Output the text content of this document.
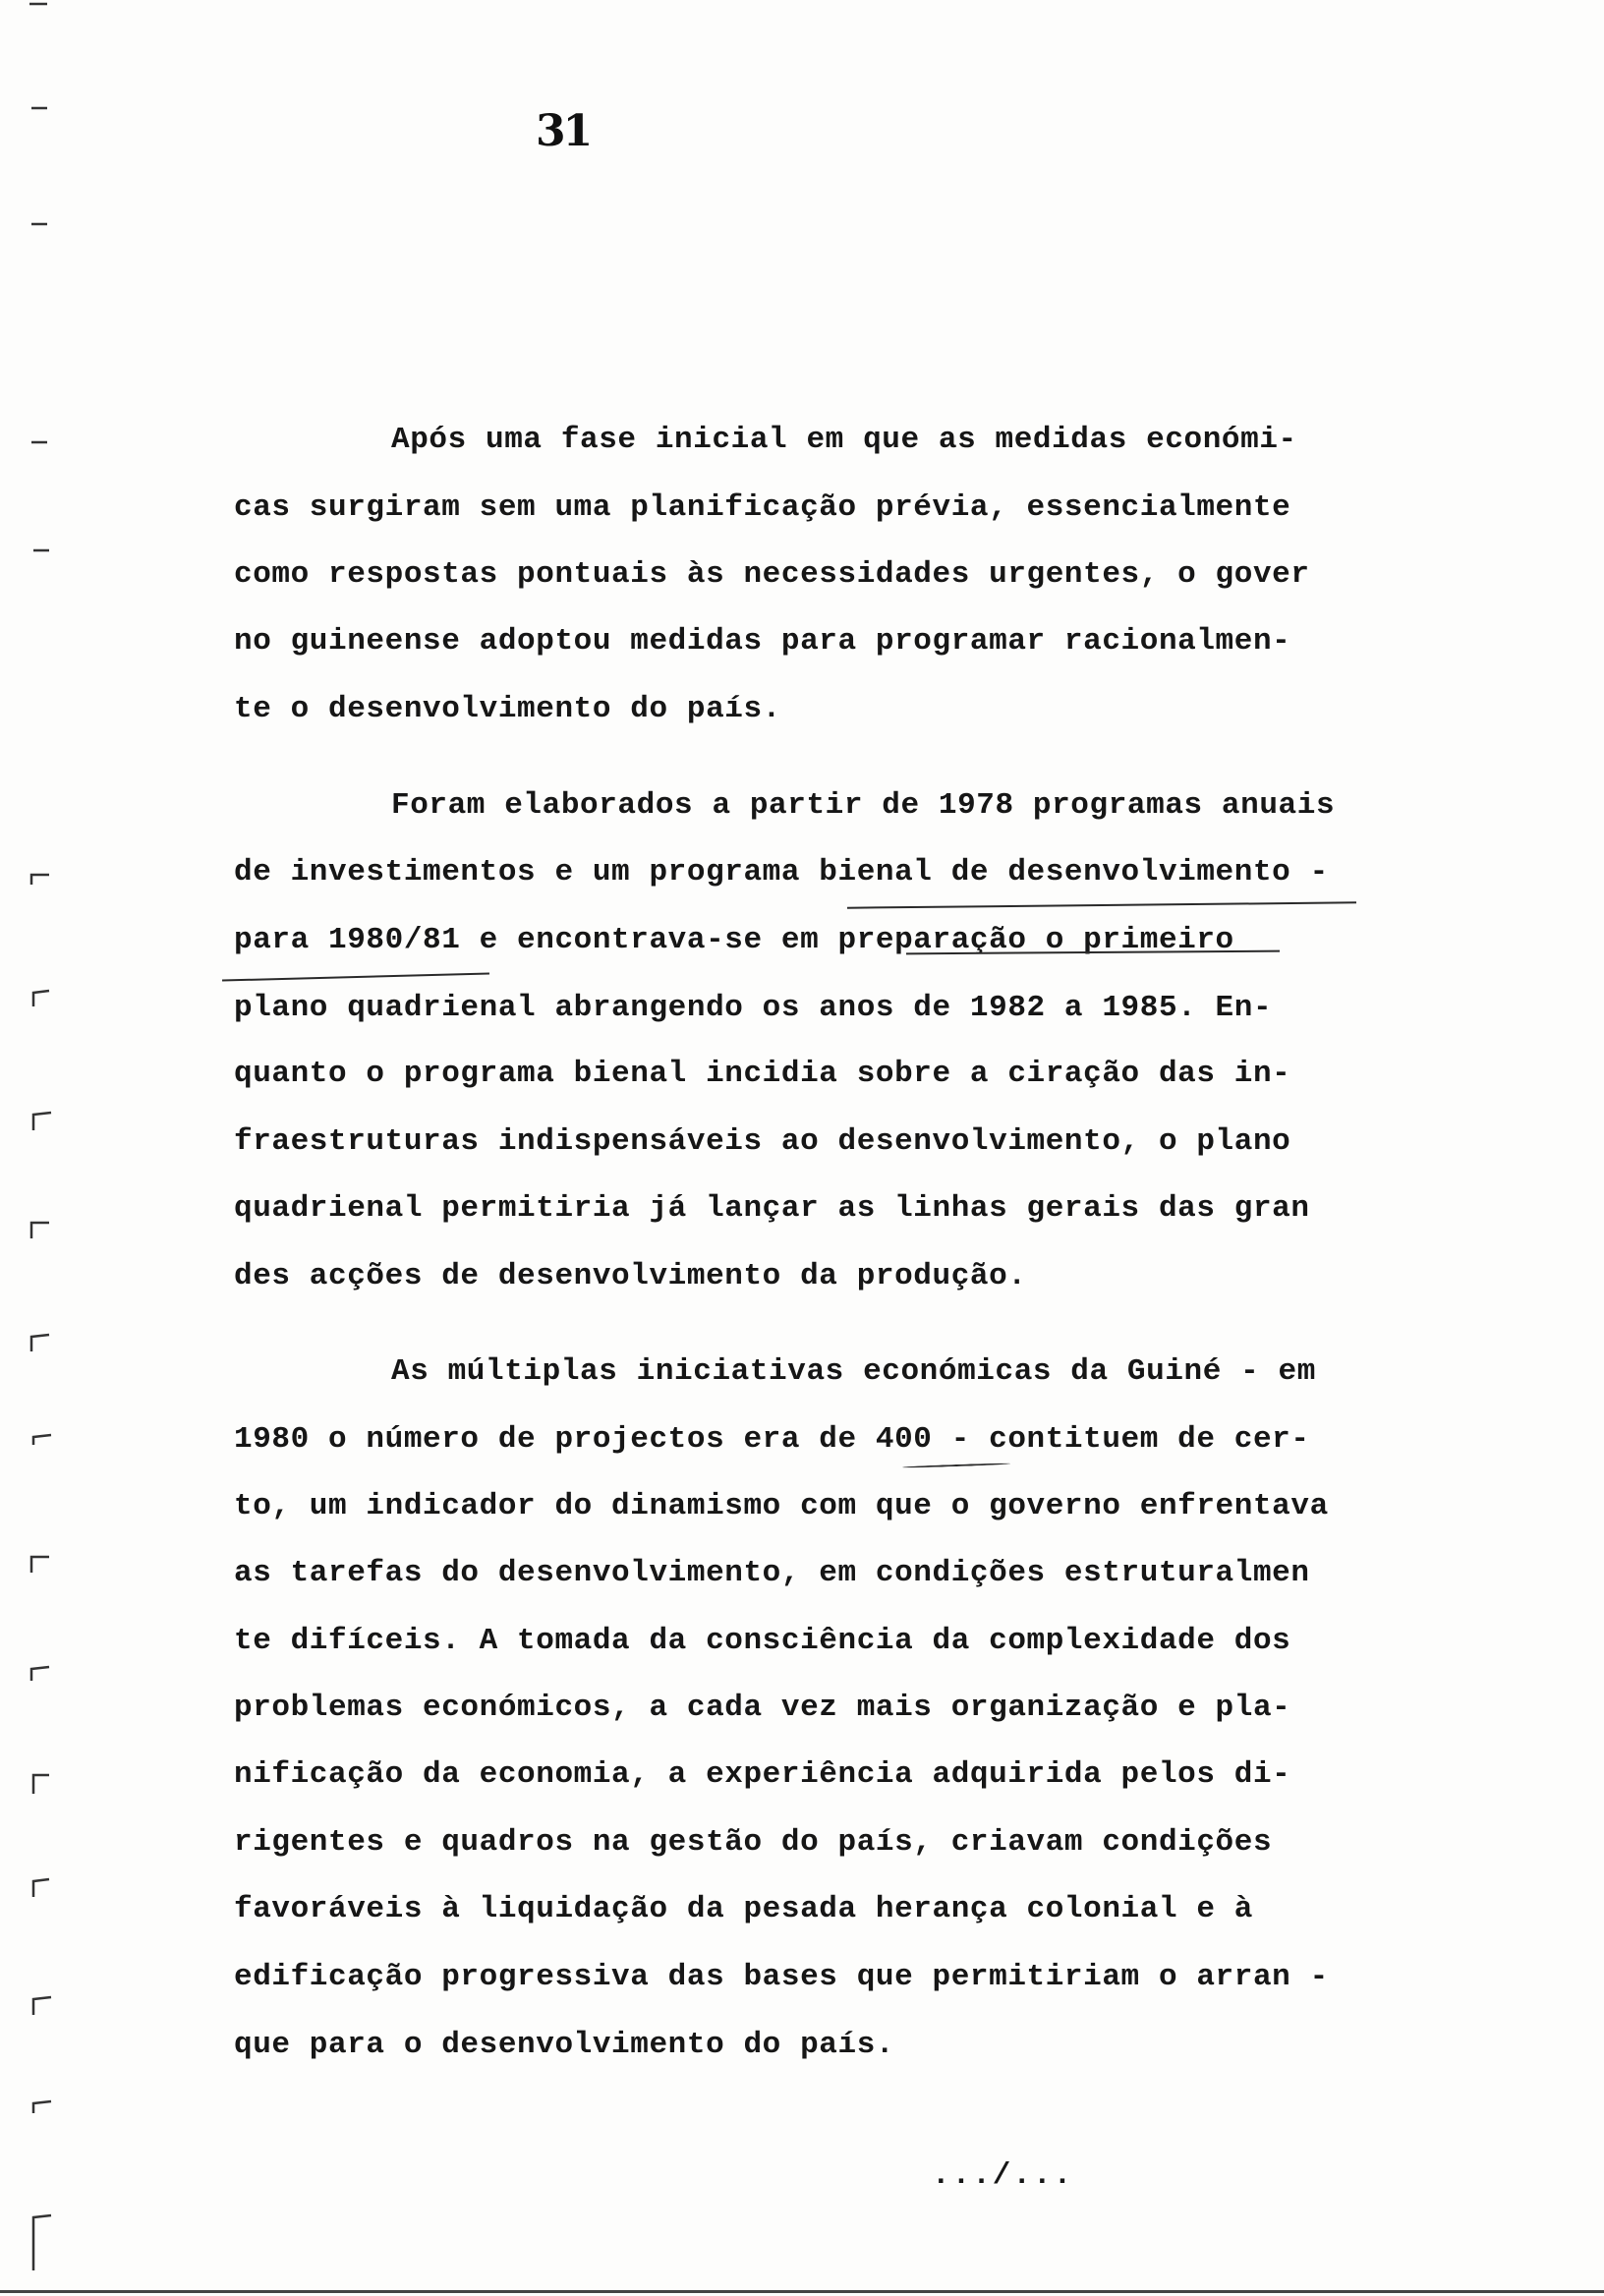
31
Após uma fase inicial em que as medidas económi-
cas surgiram sem uma planificação prévia, essencialmente
como respostas pontuais às necessidades urgentes, o gover
no guineense adoptou medidas para programar racionalmen-
te o desenvolvimento do país.
Foram elaborados a partir de 1978 programas anuais
de investimentos e um programa bienal de desenvolvimento -
para 1980/81 e encontrava-se em preparação o primeiro
plano quadrienal abrangendo os anos de 1982 a 1985. En-
quanto o programa bienal incidia sobre a ciração das in-
fraestruturas indispensáveis ao desenvolvimento, o plano
quadrienal permitiria já lançar as linhas gerais das gran
des acções de desenvolvimento da produção.
As múltiplas iniciativas económicas da Guiné - em
1980 o número de projectos era de 400 - contituem de cer-
to, um indicador do dinamismo com que o governo enfrentava
as tarefas do desenvolvimento, em condições estruturalmen
te difíceis. A tomada da consciência da complexidade dos
problemas económicos, a cada vez mais organização e pla-
nificação da economia, a experiência adquirida pelos di-
rigentes e quadros na gestão do país, criavam condições
favoráveis à liquidação da pesada herança colonial e à
edificação progressiva das bases que permitiriam o arran -
que para o desenvolvimento do país.
.../...
